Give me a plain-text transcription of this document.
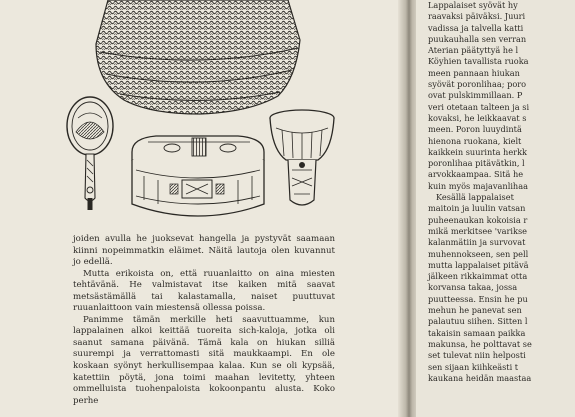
joiden avulla he juoksevat hangella ja pystyvät saamaan kiinni nopeimmatkin eläimet. Näitä lautoja olen kuvannut jo edellä.

Mutta erikoista on, että ruuanlaitto on aina miesten tehtävänä. He valmistavat itse kaiken mitä saavat metsästämällä tai kalastamalla, naiset puuttuvat ruuanlaittoon vain miestensä ollessa poissa.

Panimme tämän merkille heti saavuttuamme, kun lappalainen alkoi keittää tuoreita sich-kaloja, jotka oli saanut samana päivänä. Tämä kala on hiukan silliä suurempi ja verrattomasti sitä maukkaampi. En ole koskaan syönyt herkullisempaa kalaa. Kun se oli kypsää, katettiin pöytä, jona toimi maahan levitetty, yhteen ommelluista tuohenpaloista kokoonpantu alusta. Koko perhe

Lappalaiset syövät hy
raavaksi päiväksi. Juuri
vadissa ja talvella katti
puukauhalla sen verran
Aterian päätyttyä he l
Köyhien tavallista ruoka
meen pannaan hiukan
syövät poronlihaa; poro
ovat pulskimmillaan. P
veri otetaan talteen ja si
kovaksi, he leikkaavat s
meen. Poron luuydintä
hienona ruokana, kielt
kaikkein suurinta herkk
poronlihaa pitävätkin, l
arvokkaampaa. Sitä he
kuin myös majavanlihaa
Kesällä lappalaiset
maitoin ja luulin vatsan
puheenaukan kokoisia r
mikä merkitsee 'varikse
kalanmätiin ja survovat
muhennokseen, sen pell
mutta lappalaiset pitävä
jälkeen rikkaimmat otta
korvansa takaa, jossa
puutteessa. Ensin he pu
mehun he panevat sen
palautuu siihen. Sitten l
takaisin samaan paikka
makunsa, he polttavat se
set tulevat niin helposti
sen sijaan kiihkeästi t
kaukana heidän maastaa
